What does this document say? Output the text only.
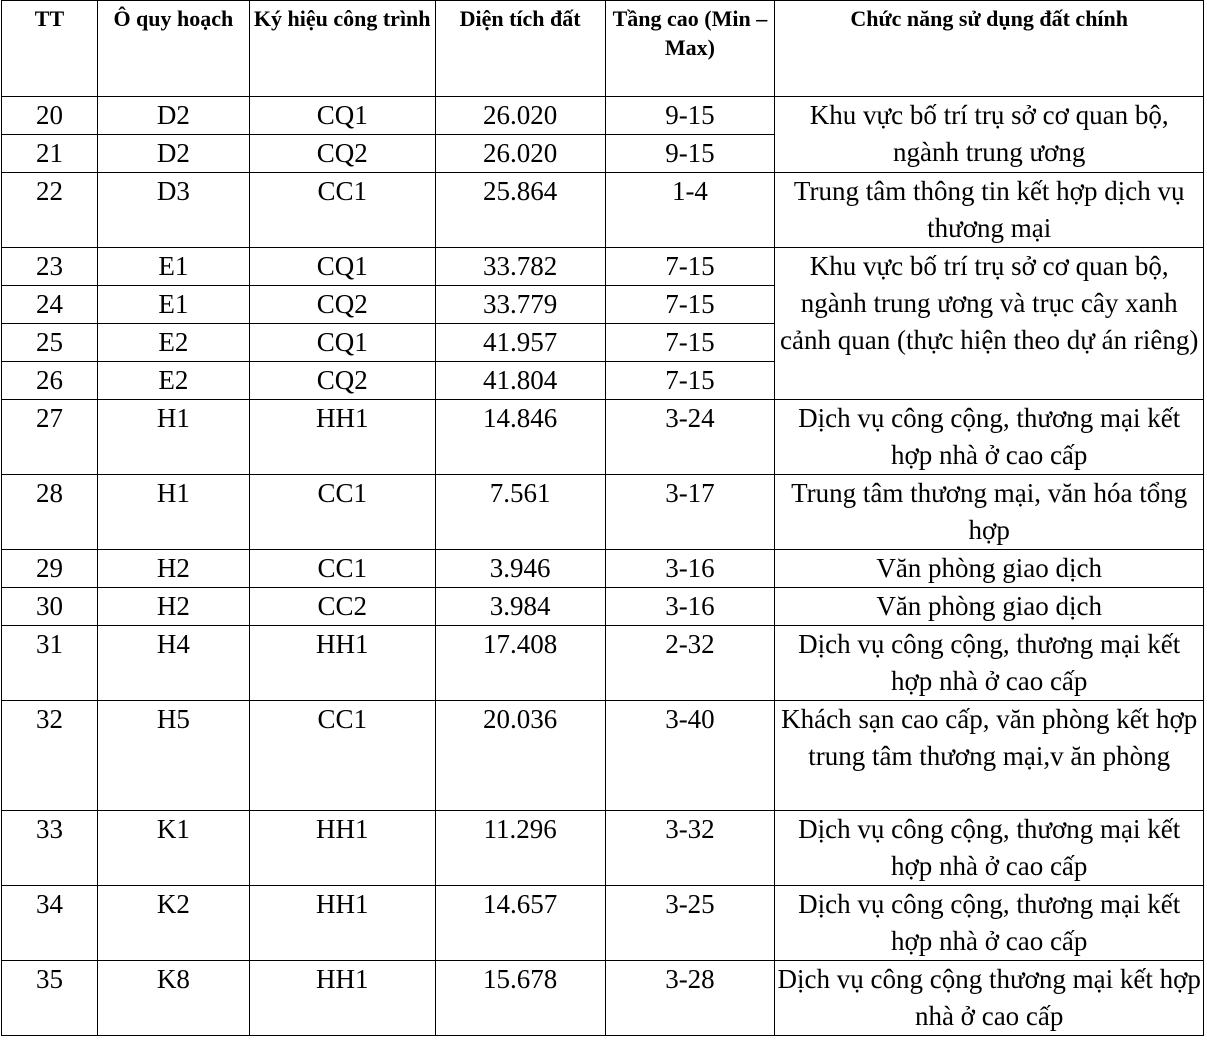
TT	Ô quy hoạch	Ký hiệu công trình	Diện tích đất	Tầng cao (Min – Max)	Chức năng sử dụng đất chính
20	D2	CQ1	26.020	9-15	Khu vực bố trí trụ sở cơ quan bộ, ngành trung ương
21	D2	CQ2	26.020	9-15	
22	D3	CC1	25.864	1-4	Trung tâm thông tin kết hợp dịch vụ thương mại
23	E1	CQ1	33.782	7-15	Khu vực bố trí trụ sở cơ quan bộ, ngành trung ương và trục cây xanh cảnh quan (thực hiện theo dự án riêng)
24	E1	CQ2	33.779	7-15	
25	E2	CQ1	41.957	7-15	
26	E2	CQ2	41.804	7-15	
27	H1	HH1	14.846	3-24	Dịch vụ công cộng, thương mại kết hợp nhà ở cao cấp
28	H1	CC1	7.561	3-17	Trung tâm thương mại, văn hóa tổng hợp
29	H2	CC1	3.946	3-16	Văn phòng giao dịch
30	H2	CC2	3.984	3-16	Văn phòng giao dịch
31	H4	HH1	17.408	2-32	Dịch vụ công cộng, thương mại kết hợp nhà ở cao cấp
32	H5	CC1	20.036	3-40	Khách sạn cao cấp, văn phòng kết hợp trung tâm thương mại,v ăn phòng
33	K1	HH1	11.296	3-32	Dịch vụ công cộng, thương mại kết hợp nhà ở cao cấp
34	K2	HH1	14.657	3-25	Dịch vụ công cộng, thương mại kết hợp nhà ở cao cấp
35	K8	HH1	15.678	3-28	Dịch vụ công cộng thương mại kết hợp nhà ở cao cấp
